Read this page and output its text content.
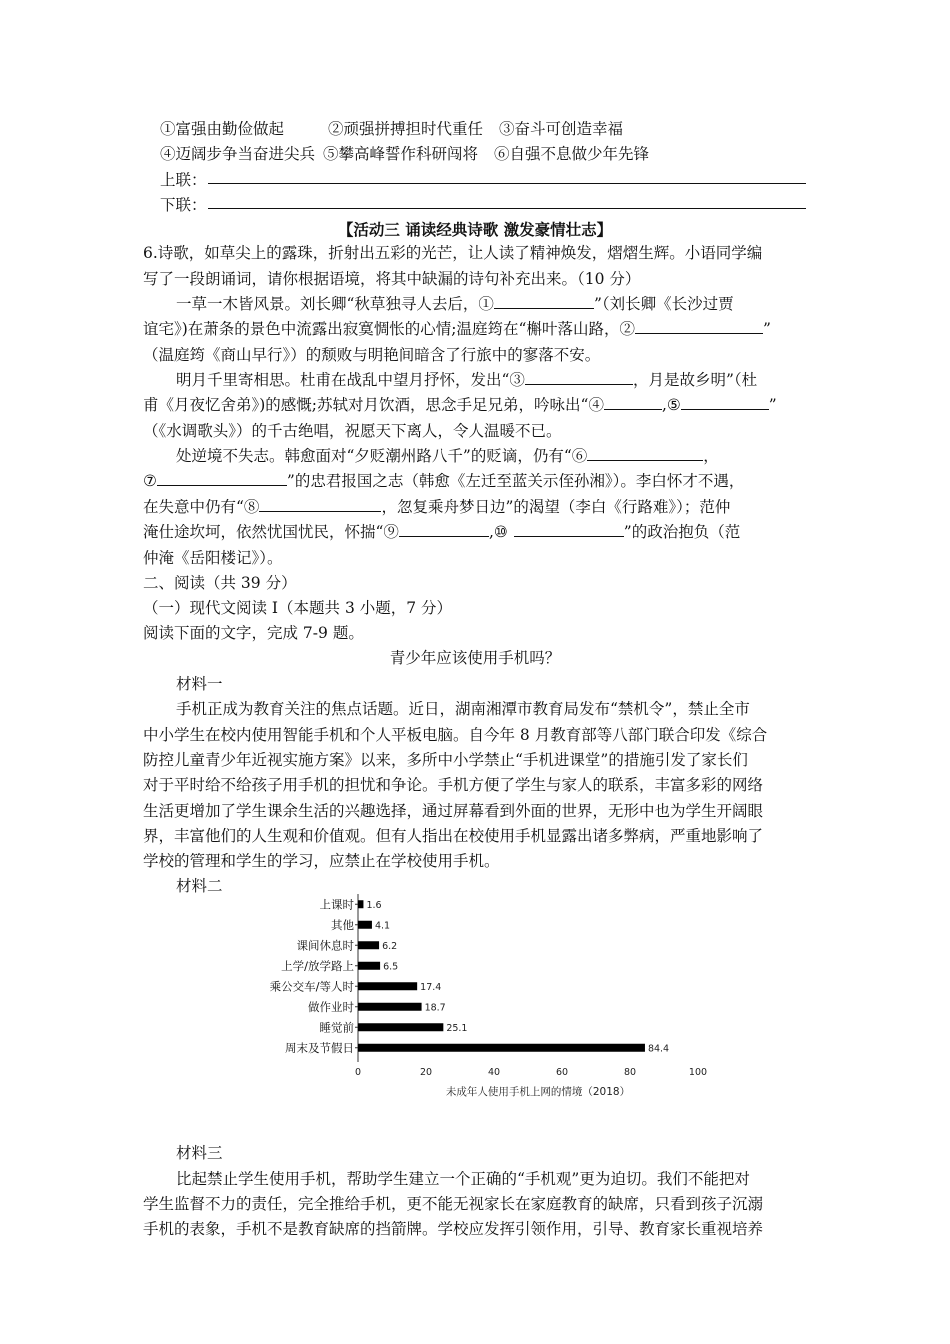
①富强由勤俭做起	②顽强拼搏担时代重任 ③奋斗可创造幸福
④迈阔步争当奋进尖兵 ⑤攀高峰誓作科研闯将 ⑥自强不息做少年先锋
上联：
下联：
【活动三 诵读经典诗歌 激发豪情壮志】
6.诗歌，如草尖上的露珠，折射出五彩的光芒，让人读了精神焕发，熠熠生辉。小语同学编
写了一段朗诵词，请你根据语境，将其中缺漏的诗句补充出来。（10 分）
一草一木皆风景。刘长卿“秋草独寻人去后，①	”（刘长卿《长沙过贾
谊宅》)在萧条的景色中流露出寂寞惆怅的心情;温庭筠在“槲叶落山路，②	”
（温庭筠《商山早行》）的颓败与明艳间暗含了行旅中的寥落不安。
明月千里寄相思。杜甫在战乱中望月抒怀，发出“③	，月是故乡明”（杜
甫《月夜忆舍弟》)的感慨;苏轼对月饮酒，思念手足兄弟，吟咏出“④	,⑤	”
（《水调歌头》）的千古绝唱，祝愿天下离人，令人温暖不已。
处逆境不失志。韩愈面对“夕贬潮州路八千”的贬谪，仍有“⑥	，
⑦	”的忠君报国之志（韩愈《左迁至蓝关示侄孙湘》）。李白怀才不遇，
在失意中仍有“⑧	，忽复乘舟梦日边”的渴望（李白《行路难》）；范仲
淹仕途坎坷，依然忧国忧民，怀揣“⑨	,⑩	”的政治抱负（范
仲淹《岳阳楼记》）。
二、阅读（共 39 分）
（一）现代文阅读 I（本题共 3 小题，7 分）
阅读下面的文字，完成 7-9 题。
青少年应该使用手机吗？
材料一
手机正成为教育关注的焦点话题。近日，湖南湘潭市教育局发布“禁机令”，禁止全市
中小学生在校内使用智能手机和个人平板电脑。自今年 8 月教育部等八部门联合印发《综合
防控儿童青少年近视实施方案》以来，多所中小学禁止“手机进课堂”的措施引发了家长们
对于平时给不给孩子用手机的担忧和争论。手机方便了学生与家人的联系，丰富多彩的网络
生活更增加了学生课余生活的兴趣选择，通过屏幕看到外面的世界，无形中也为学生开阔眼
界，丰富他们的人生观和价值观。但有人指出在校使用手机显露出诸多弊病，严重地影响了
学校的管理和学生的学习，应禁止在学校使用手机。
材料二
上课时 1.6
其他 4.1
课间休息时	6.2
上学/放学路上	6.5
乘公交车/等人时	17.4
做作业时	18.7
睡觉前	25.1
周末及节假日	84.4
0	20	40	60	80	100
未成年人使用手机上网的情境（2018）
材料三
比起禁止学生使用手机，帮助学生建立一个正确的“手机观”更为迫切。我们不能把对
学生监督不力的责任，完全推给手机，更不能无视家长在家庭教育的缺席，只看到孩子沉溺
手机的表象，手机不是教育缺席的挡箭牌。学校应发挥引领作用，引导、教育家长重视培养
